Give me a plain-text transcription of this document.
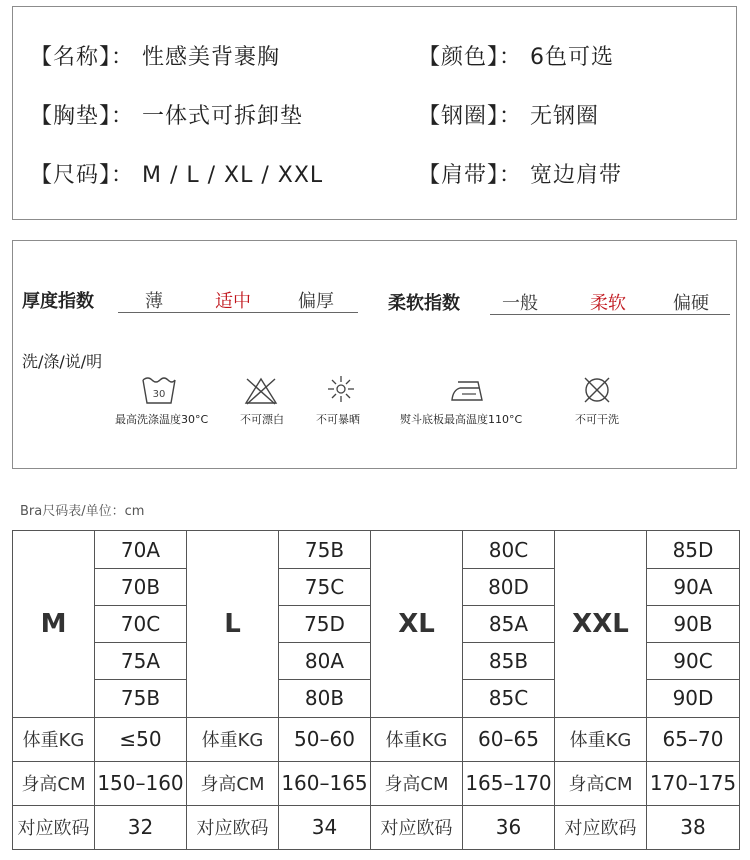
【名称】： 性感美背裹胸	【颜色】： 6色可选
【胸垫】： 一体式可拆卸垫	【钢圈】： 无钢圈
【尺码】： M / L / XL / XXL	【肩带】： 宽边肩带
厚度指数	薄	适中	偏厚	柔软指数 一般	柔软	偏硬
洗/涤/说/明
30
最高洗涤温度30°C	不可漂白	不可暴晒	熨斗底板最高温度110°C	不可干洗
Bra尺码表/单位：cm
M	70A	L	75B	XL	80C	XXL	85D
	70B		75C		80D		90A
	70C		75D		85A		90B
	75A		80A		85B		90C
	75B		80B		85C		90D
体重KG	≤50	体重KG	50–60	体重KG	60–65	体重KG	65–70
身高CM	150–160	身高CM	160–165	身高CM	165–170	身高CM	170–175
对应欧码	32	对应欧码	34	对应欧码	36	对应欧码	38
